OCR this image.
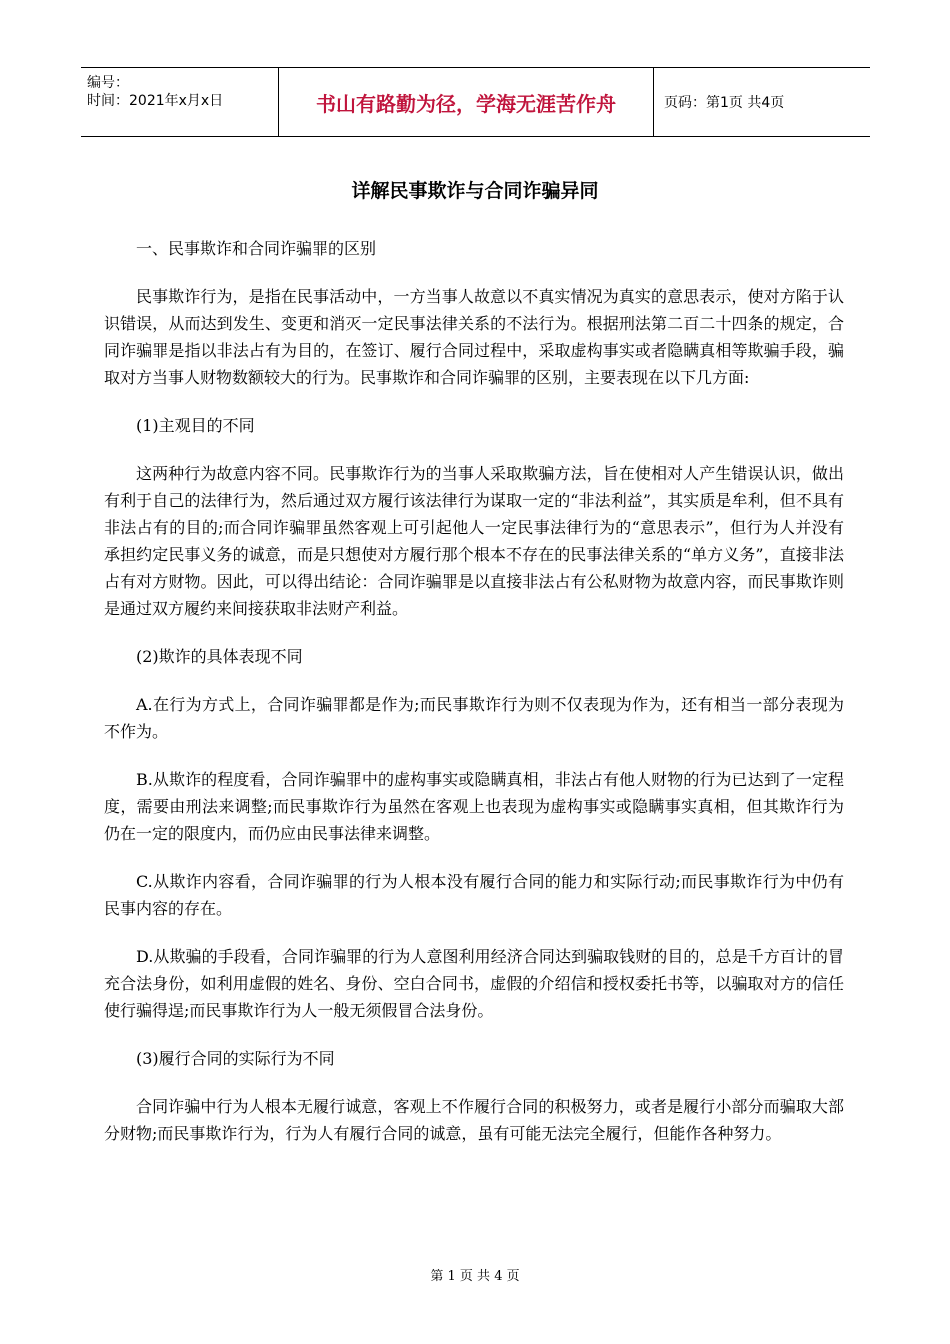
编号：
时间：2021年x月x日	书山有路勤为径，学海无涯苦作舟	页码：第1页 共4页
详解民事欺诈与合同诈骗异同

一、民事欺诈和合同诈骗罪的区别

民事欺诈行为，是指在民事活动中，一方当事人故意以不真实情况为真实的意思表示，使对方陷于认识错误，从而达到发生、变更和消灭一定民事法律关系的不法行为。根据刑法第二百二十四条的规定，合同诈骗罪是指以非法占有为目的，在签订、履行合同过程中，采取虚构事实或者隐瞒真相等欺骗手段，骗取对方当事人财物数额较大的行为。民事欺诈和合同诈骗罪的区别，主要表现在以下几方面:

(1)主观目的不同

这两种行为故意内容不同。民事欺诈行为的当事人采取欺骗方法，旨在使相对人产生错误认识，做出有利于自己的法律行为，然后通过双方履行该法律行为谋取一定的“非法利益”，其实质是牟利，但不具有非法占有的目的;而合同诈骗罪虽然客观上可引起他人一定民事法律行为的“意思表示”，但行为人并没有承担约定民事义务的诚意，而是只想使对方履行那个根本不存在的民事法律关系的“单方义务”，直接非法占有对方财物。因此，可以得出结论：合同诈骗罪是以直接非法占有公私财物为故意内容，而民事欺诈则是通过双方履约来间接获取非法财产利益。

(2)欺诈的具体表现不同

A.在行为方式上，合同诈骗罪都是作为;而民事欺诈行为则不仅表现为作为，还有相当一部分表现为不作为。

B.从欺诈的程度看，合同诈骗罪中的虚构事实或隐瞒真相，非法占有他人财物的行为已达到了一定程度，需要由刑法来调整;而民事欺诈行为虽然在客观上也表现为虚构事实或隐瞒事实真相，但其欺诈行为仍在一定的限度内，而仍应由民事法律来调整。

C.从欺诈内容看，合同诈骗罪的行为人根本没有履行合同的能力和实际行动;而民事欺诈行为中仍有民事内容的存在。

D.从欺骗的手段看，合同诈骗罪的行为人意图利用经济合同达到骗取钱财的目的，总是千方百计的冒充合法身份，如利用虚假的姓名、身份、空白合同书，虚假的介绍信和授权委托书等，以骗取对方的信任使行骗得逞;而民事欺诈行为人一般无须假冒合法身份。

(3)履行合同的实际行为不同

合同诈骗中行为人根本无履行诚意，客观上不作履行合同的积极努力，或者是履行小部分而骗取大部分财物;而民事欺诈行为，行为人有履行合同的诚意，虽有可能无法完全履行，但能作各种努力。

第 1 页 共 4 页
